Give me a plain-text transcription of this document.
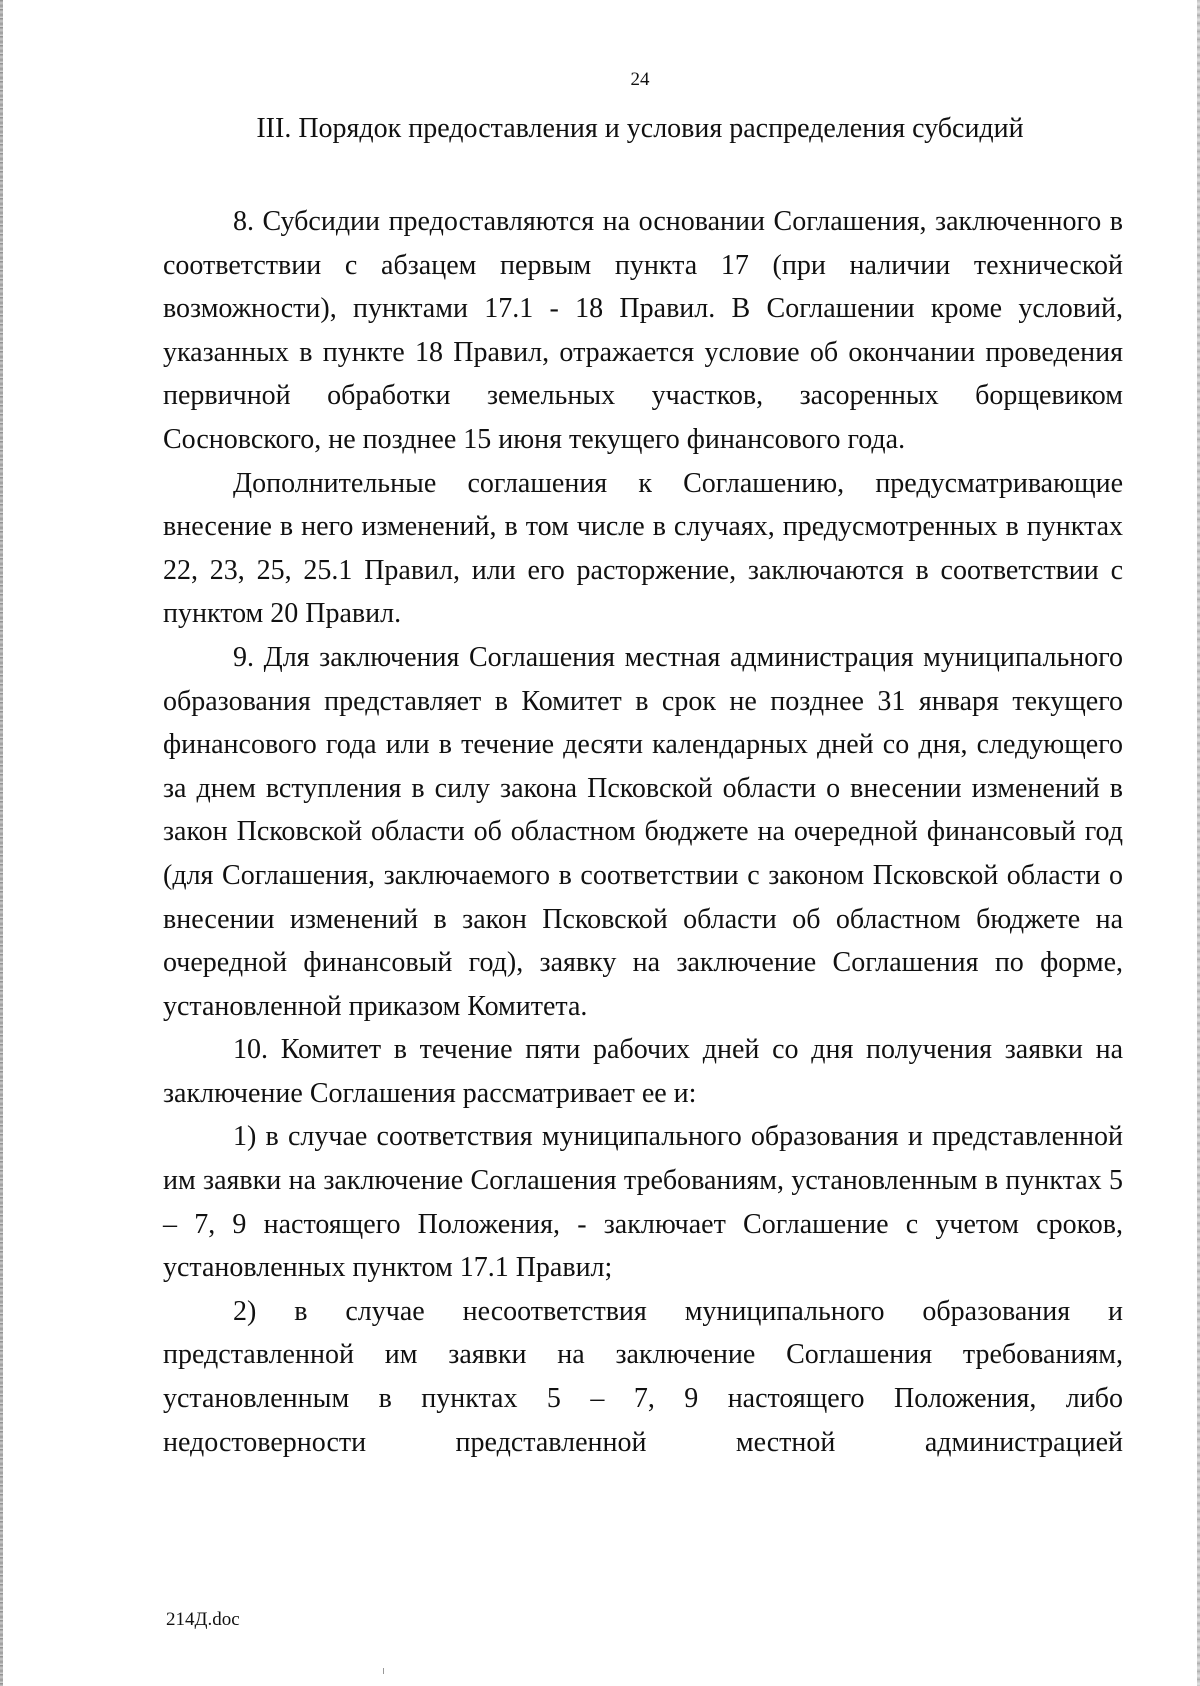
24
III. Порядок предоставления и условия распределения субсидий

8. Субсидии предоставляются на основании Соглашения, заключенного в соответствии с абзацем первым пункта 17 (при наличии технической возможности), пунктами 17.1 - 18 Правил. В Соглашении кроме условий, указанных в пункте 18 Правил, отражается условие об окончании проведения первичной обработки земельных участков, засоренных борщевиком Сосновского, не позднее 15 июня текущего финансового года.

Дополнительные соглашения к Соглашению, предусматривающие внесение в него изменений, в том числе в случаях, предусмотренных в пунктах 22, 23, 25, 25.1 Правил, или его расторжение, заключаются в соответствии с пунктом 20 Правил.

9. Для заключения Соглашения местная администрация муниципального образования представляет в Комитет в срок не позднее 31 января текущего финансового года или в течение десяти календарных дней со дня, следующего за днем вступления в силу закона Псковской области о внесении изменений в закон Псковской области об областном бюджете на очередной финансовый год (для Соглашения, заключаемого в соответствии с законом Псковской области о внесении изменений в закон Псковской области об областном бюджете на очередной финансовый год), заявку на заключение Соглашения по форме, установленной приказом Комитета.

10. Комитет в течение пяти рабочих дней со дня получения заявки на заключение Соглашения рассматривает ее и:

1) в случае соответствия муниципального образования и представленной им заявки на заключение Соглашения требованиям, установленным в пунктах 5 – 7, 9 настоящего Положения, - заключает Соглашение с учетом сроков, установленных пунктом 17.1 Правил;

2) в случае несоответствия муниципального образования и представленной им заявки на заключение Соглашения требованиям, установленным в пунктах 5 – 7, 9 настоящего Положения, либо недостоверности представленной местной администрацией

214Д.doc
